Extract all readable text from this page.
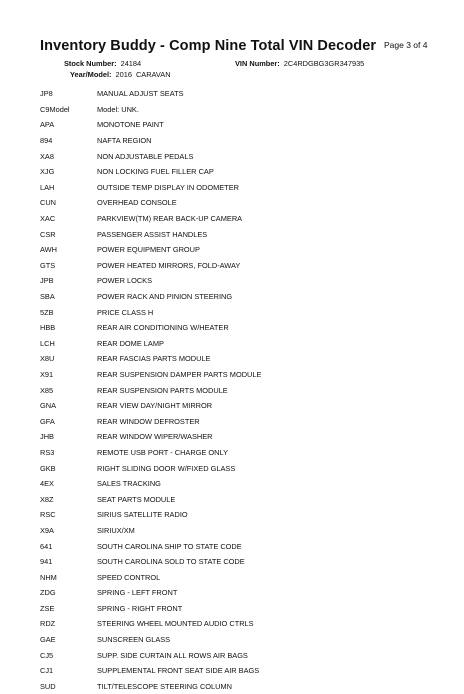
Inventory Buddy - Comp Nine Total VIN Decoder Page 3 of 4
Stock Number: 24184	VIN Number: 2C4RDGBG3GR347935
Year/Model: 2016 CARAVAN
JP8	MANUAL ADJUST SEATS
C9Model	Model: UNK.
APA	MONOTONE PAINT
894	NAFTA REGION
XA8	NON ADJUSTABLE PEDALS
XJG	NON LOCKING FUEL FILLER CAP
LAH	OUTSIDE TEMP DISPLAY IN ODOMETER
CUN	OVERHEAD CONSOLE
XAC	PARKVIEW(TM) REAR BACK-UP CAMERA
CSR	PASSENGER ASSIST HANDLES
AWH	POWER EQUIPMENT GROUP
GTS	POWER HEATED MIRRORS, FOLD-AWAY
JPB	POWER LOCKS
SBA	POWER RACK AND PINION STEERING
5ZB	PRICE CLASS H
HBB	REAR AIR CONDITIONING W/HEATER
LCH	REAR DOME LAMP
X8U	REAR FASCIAS PARTS MODULE
X91	REAR SUSPENSION DAMPER PARTS MODULE
X85	REAR SUSPENSION PARTS MODULE
GNA	REAR VIEW DAY/NIGHT MIRROR
GFA	REAR WINDOW DEFROSTER
JHB	REAR WINDOW WIPER/WASHER
RS3	REMOTE USB PORT - CHARGE ONLY
GKB	RIGHT SLIDING DOOR W/FIXED GLASS
4EX	SALES TRACKING
X8Z	SEAT PARTS MODULE
RSC	SIRIUS SATELLITE RADIO
X9A	SIRIUX/XM
641	SOUTH CAROLINA SHIP TO STATE CODE
941	SOUTH CAROLINA SOLD TO STATE CODE
NHM	SPEED CONTROL
ZDG	SPRING - LEFT FRONT
ZSE	SPRING - RIGHT FRONT
RDZ	STEERING WHEEL MOUNTED AUDIO CTRLS
GAE	SUNSCREEN GLASS
CJ5	SUPP. SIDE CURTAIN ALL ROWS AIR BAGS
CJ1	SUPPLEMENTAL FRONT SEAT SIDE AIR BAGS
SUD	TILT/TELESCOPE STEERING COLUMN
